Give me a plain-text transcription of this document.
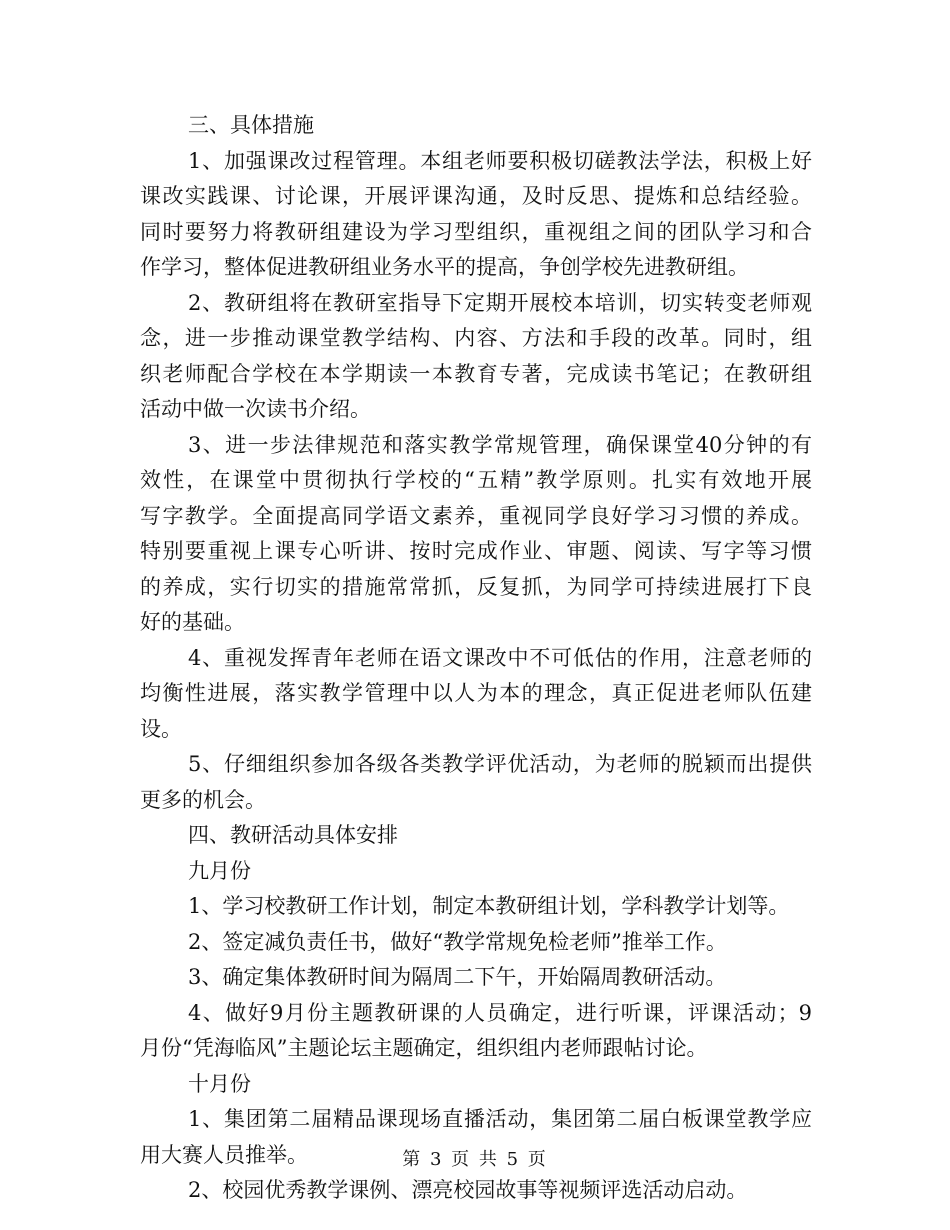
三、具体措施
1、加强课改过程管理。本组老师要积极切磋教法学法，积极上好
课改实践课、讨论课，开展评课沟通，及时反思、提炼和总结经验。
同时要努力将教研组建设为学习型组织，重视组之间的团队学习和合
作学习，整体促进教研组业务水平的提高，争创学校先进教研组。
2、教研组将在教研室指导下定期开展校本培训，切实转变老师观
念，进一步推动课堂教学结构、内容、方法和手段的改革。同时，组
织老师配合学校在本学期读一本教育专著，完成读书笔记；在教研组
活动中做一次读书介绍。
3、进一步法律规范和落实教学常规管理，确保课堂40分钟的有
效性，在课堂中贯彻执行学校的“五精”教学原则。扎实有效地开展
写字教学。全面提高同学语文素养，重视同学良好学习习惯的养成。
特别要重视上课专心听讲、按时完成作业、审题、阅读、写字等习惯
的养成，实行切实的措施常常抓，反复抓，为同学可持续进展打下良
好的基础。
4、重视发挥青年老师在语文课改中不可低估的作用，注意老师的
均衡性进展，落实教学管理中以人为本的理念，真正促进老师队伍建
设。
5、仔细组织参加各级各类教学评优活动，为老师的脱颖而出提供
更多的机会。
四、教研活动具体安排
九月份
1、学习校教研工作计划，制定本教研组计划，学科教学计划等。
2、签定减负责任书，做好“教学常规免检老师”推举工作。
3、确定集体教研时间为隔周二下午，开始隔周教研活动。
4、做好9月份主题教研课的人员确定，进行听课，评课活动；9
月份“凭海临风”主题论坛主题确定，组织组内老师跟帖讨论。
十月份
1、集团第二届精品课现场直播活动，集团第二届白板课堂教学应
用大赛人员推举。
2、校园优秀教学课例、漂亮校园故事等视频评选活动启动。
第 3 页 共 5 页
